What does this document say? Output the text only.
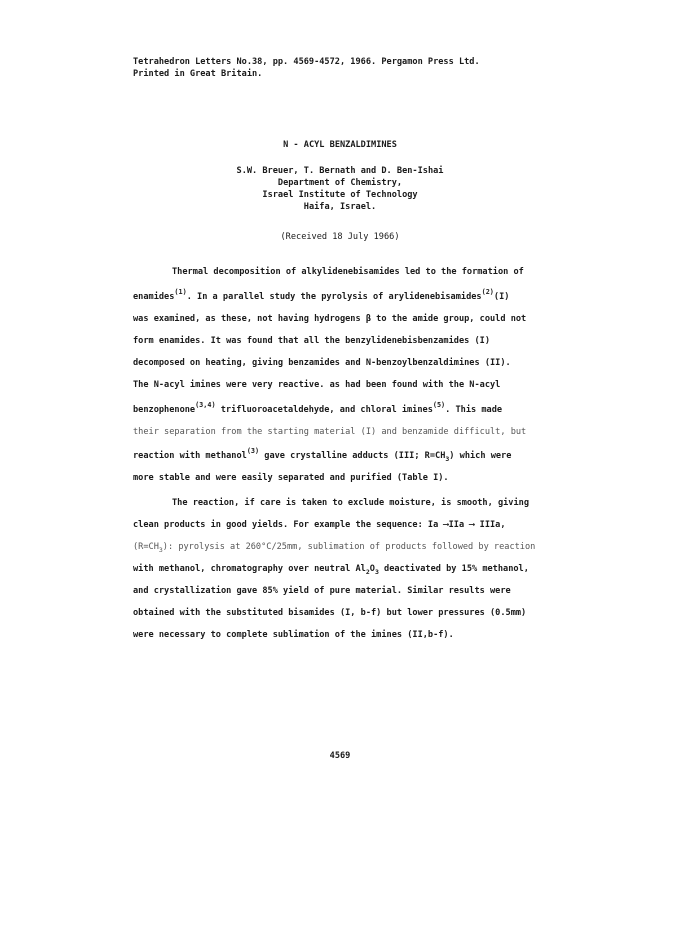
Tetrahedron Letters No.38, pp. 4569-4572, 1966. Pergamon Press Ltd.
Printed in Great Britain.
N - ACYL BENZALDIMINES
S.W. Breuer, T. Bernath and D. Ben-Ishai
Department of Chemistry,
Israel Institute of Technology
Haifa, Israel.
(Received 18 July 1966)
Thermal decomposition of alkylidenebisamides led to the formation of
enamides$^{(1)}$. In a parallel study the pyrolysis of arylidenebisamides$^{(2)}$(I)
was examined, as these, not having hydrogens β to the amide group, could not
form enamides. It was found that all the benzylidenebisbenzamides (I)
decomposed on heating, giving benzamides and N-benzoylbenzaldimines (II).
The N-acyl imines were very reactive. as had been found with the N-acyl
benzophenone$^{(3,4)}$ trifluoroacetaldehyde, and chloral imines$^{(5)}$. This made
their separation from the starting material (I) and benzamide difficult, but
reaction with methanol$^{(3)}$ gave crystalline adducts (III; $R=CH_3$) which were
more stable and were easily separated and purified (Table I).
The reaction, if care is taken to exclude moisture, is smooth, giving
clean products in good yields. For example the sequence: Ia ⟶IIa ⟶ IIIa,
$(R=CH_3)$: pyrolysis at 260°C/25mm, sublimation of products followed by reaction
with methanol, chromatography over neutral $Al_2O_3$ deactivated by 15% methanol,
and crystallization gave 85% yield of pure material. Similar results were
obtained with the substituted bisamides (I, b-f) but lower pressures (0.5mm)
were necessary to complete sublimation of the imines (II,b-f).
4569
